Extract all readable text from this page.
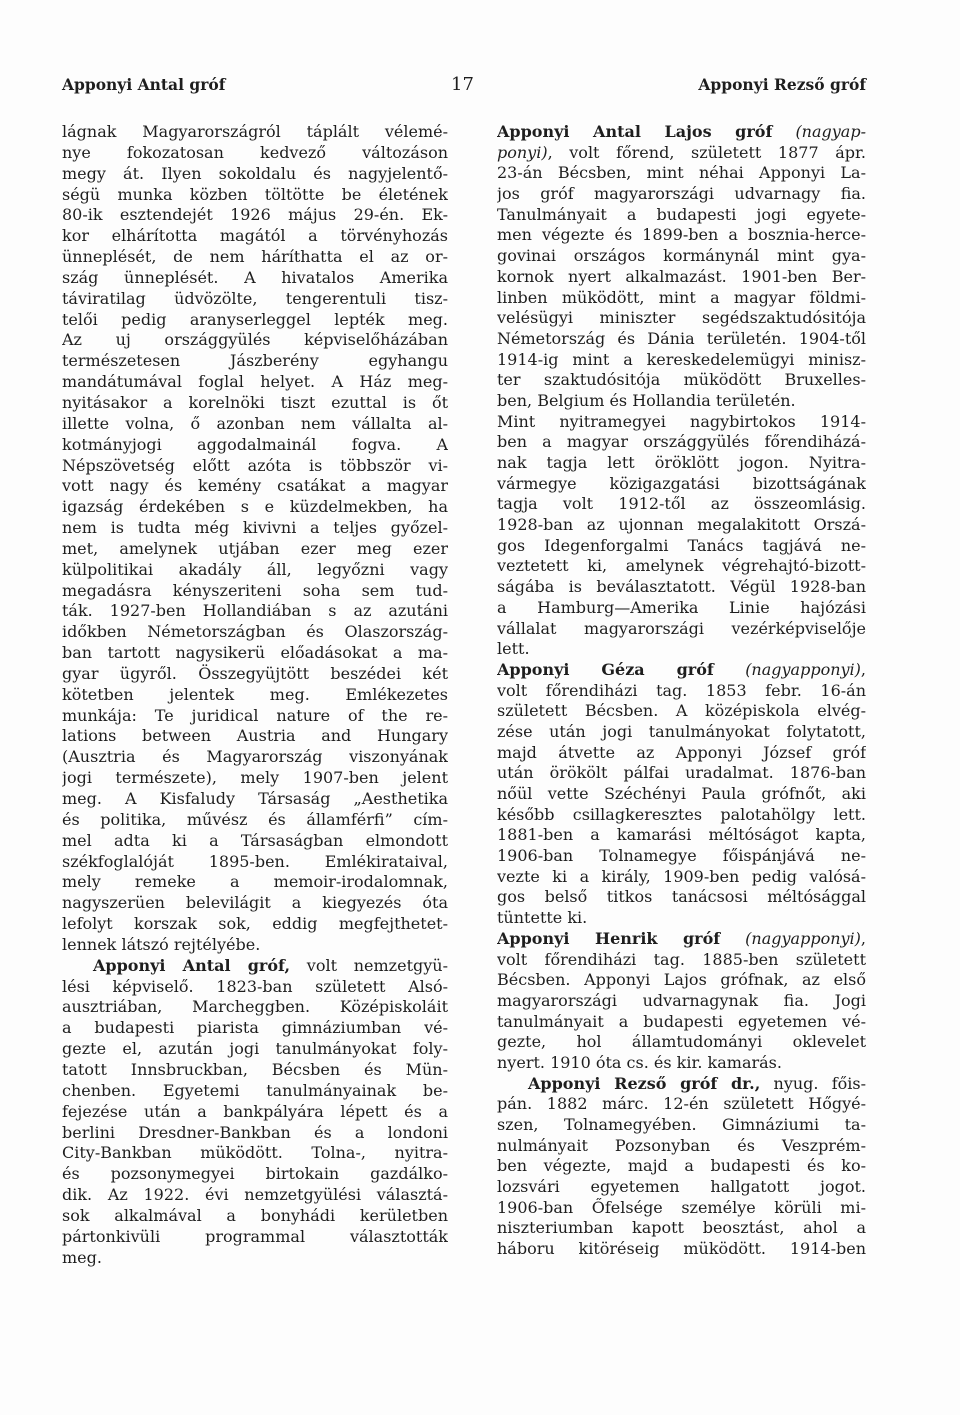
Apponyi Antal gróf	17	Apponyi Rezső gróf
lágnak Magyarországról táplált vélemé-
nye fokozatosan kedvező változáson
megy át. Ilyen sokoldalu és nagyjelentő-
ségü munka közben töltötte be életének
80-ik esztendejét 1926 május 29-én. Ek-
kor elhárította magától a törvényhozás
ünneplését, de nem háríthatta el az or-
szág ünneplését. A hivatalos Amerika
táviratilag üdvözölte, tengerentuli tisz-
telői pedig aranyserleggel lepték meg.
Az uj országgyülés képviselőházában
természetesen Jászberény egyhangu
mandátumával foglal helyet. A Ház meg-
nyitásakor a korelnöki tiszt ezuttal is őt
illette volna, ő azonban nem vállalta al-
kotmányjogi aggodalmainál fogva. A
Népszövetség előtt azóta is többször vi-
vott nagy és kemény csatákat a magyar
igazság érdekében s e küzdelmekben, ha
nem is tudta még kivivni a teljes győzel-
met, amelynek utjában ezer meg ezer
külpolitikai akadály áll, legyőzni vagy
megadásra kényszeriteni soha sem tud-
ták. 1927-ben Hollandiában s az azutáni
időkben Németországban és Olaszország-
ban tartott nagysikerü előadásokat a ma-
gyar ügyről. Összegyüjtött beszédei két
kötetben jelentek meg. Emlékezetes
munkája: Te juridical nature of the re-
lations between Austria and Hungary
(Ausztria és Magyarország viszonyának
jogi természete), mely 1907-ben jelent
meg. A Kisfaludy Társaság „Aesthetika
és politika, művész és államférfi” cím-
mel adta ki a Társaságban elmondott
székfoglalóját 1895-ben. Emlékirataival,
mely remeke a memoir-irodalomnak,
nagyszerüen belevilágit a kiegyezés óta
lefolyt korszak sok, eddig megfejthetet-
lennek látszó rejtélyébe.
Apponyi Antal gróf, volt nemzetgyü-
lési képviselő. 1823-ban született Alsó-
ausztriában, Marcheggben. Középiskoláit
a budapesti piarista gimnáziumban vé-
gezte el, azután jogi tanulmányokat foly-
tatott Innsbruckban, Bécsben és Mün-
chenben. Egyetemi tanulmányainak be-
fejezése után a bankpályára lépett és a
berlini Dresdner-Bankban és a londoni
City-Bankban müködött. Tolna-, nyitra-
és pozsonymegyei birtokain gazdálko-
dik. Az 1922. évi nemzetgyülési választá-
sok alkalmával a bonyhádi kerületben
pártonkivüli programmal választották
meg.
Apponyi Antal Lajos gróf (nagyap-
ponyi), volt főrend, született 1877 ápr.
23-án Bécsben, mint néhai Apponyi La-
jos gróf magyarországi udvarnagy fia.
Tanulmányait a budapesti jogi egyete-
men végezte és 1899-ben a bosznia-herce-
govinai országos kormánynál mint gya-
kornok nyert alkalmazást. 1901-ben Ber-
linben müködött, mint a magyar földmi-
velésügyi miniszter segédszaktudósitója
Németország és Dánia területén. 1904-től
1914-ig mint a kereskedelemügyi minisz-
ter szaktudósitója müködött Bruxelles-
ben, Belgium és Hollandia területén.
Mint nyitramegyei nagybirtokos 1914-
ben a magyar országgyülés főrendiházá-
nak tagja lett öröklött jogon. Nyitra-
vármegye közigazgatási bizottságának
tagja volt 1912-től az összeomlásig.
1928-ban az ujonnan megalakitott Orszá-
gos Idegenforgalmi Tanács tagjává ne-
veztetett ki, amelynek végrehajtó-bizott-
ságába is beválasztatott. Végül 1928-ban
a Hamburg—Amerika Linie hajózási
vállalat magyarországi vezérképviselője
lett.
Apponyi Géza gróf (nagyapponyi),
volt főrendiházi tag. 1853 febr. 16-án
született Bécsben. A középiskola elvég-
zése után jogi tanulmányokat folytatott,
majd átvette az Apponyi József gróf
után örökölt pálfai uradalmat. 1876-ban
nőül vette Széchényi Paula grófnőt, aki
később csillagkeresztes palotahölgy lett.
1881-ben a kamarási méltóságot kapta,
1906-ban Tolnamegye főispánjává ne-
vezte ki a király, 1909-ben pedig valósá-
gos belső titkos tanácsosi méltósággal
tüntette ki.
Apponyi Henrik gróf (nagyapponyi),
volt főrendiházi tag. 1885-ben született
Bécsben. Apponyi Lajos grófnak, az első
magyarországi udvarnagynak fia. Jogi
tanulmányait a budapesti egyetemen vé-
gezte, hol államtudományi oklevelet
nyert. 1910 óta cs. és kir. kamarás.
Apponyi Rezső gróf dr., nyug. főis-
pán. 1882 márc. 12-én született Hőgyé-
szen, Tolnamegyében. Gimnáziumi ta-
nulmányait Pozsonyban és Veszprém-
ben végezte, majd a budapesti és ko-
lozsvári egyetemen hallgatott jogot.
1906-ban Őfelsége személye körüli mi-
niszteriumban kapott beosztást, ahol a
háboru kitöréseig müködött. 1914-ben
